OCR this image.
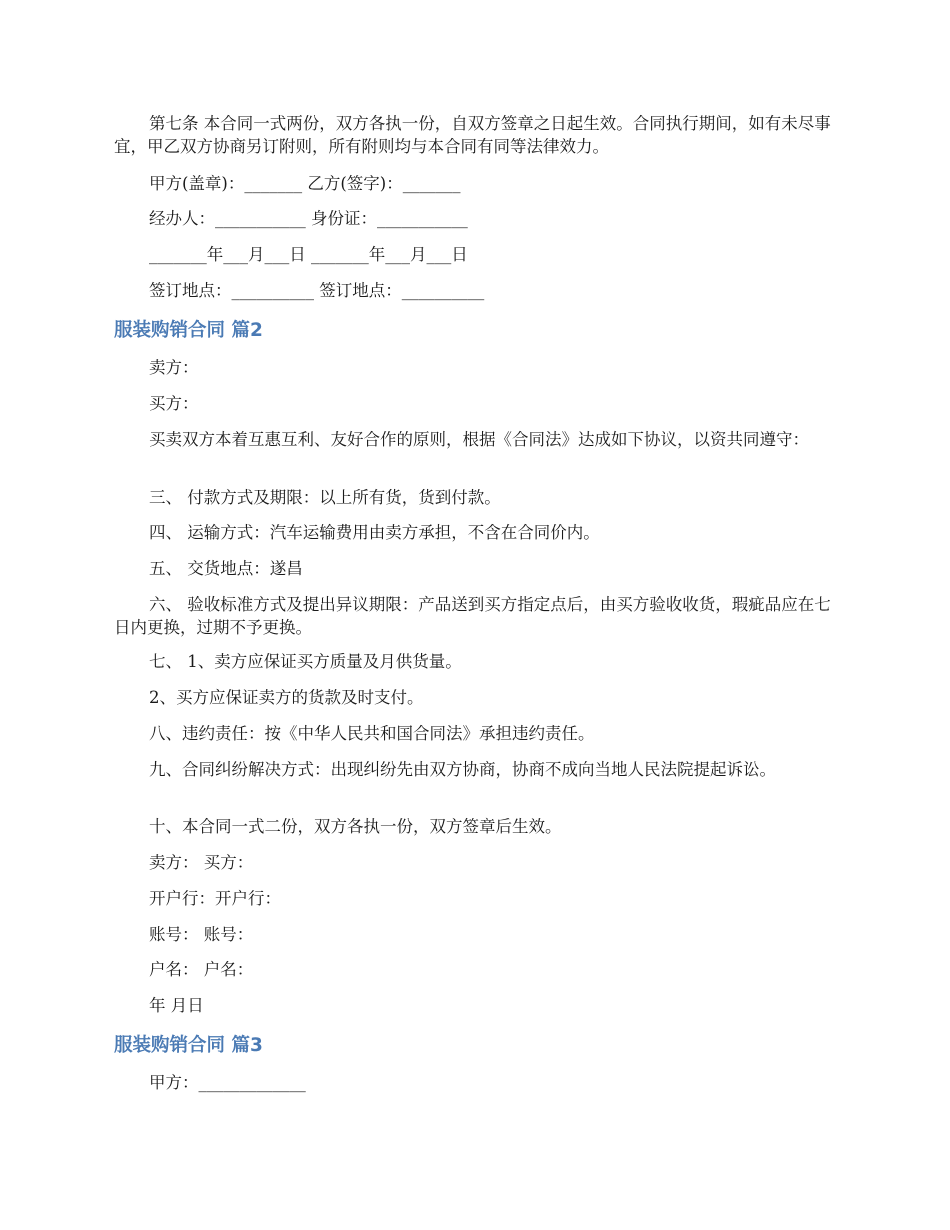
第七条 本合同一式两份，双方各执一份，自双方签章之日起生效。合同执行期间，如有未尽事宜，甲乙双方协商另订附则，所有附则均与本合同有同等法律效力。

甲方(盖章)：_______ 乙方(签字)：_______

经办人：___________ 身份证：___________

_______年___月___日 _______年___月___日

签订地点：__________ 签订地点：__________

服装购销合同 篇2

卖方：

买方：

买卖双方本着互惠互利、友好合作的原则，根据《合同法》达成如下协议，以资共同遵守：

三、 付款方式及期限：以上所有货，货到付款。

四、 运输方式：汽车运输费用由卖方承担，不含在合同价内。

五、 交货地点：遂昌

六、 验收标准方式及提出异议期限：产品送到买方指定点后，由买方验收收货，瑕疵品应在七日内更换，过期不予更换。

七、 1、卖方应保证买方质量及月供货量。

2、买方应保证卖方的货款及时支付。

八、违约责任：按《中华人民共和国合同法》承担违约责任。

九、合同纠纷解决方式：出现纠纷先由双方协商，协商不成向当地人民法院提起诉讼。

十、本合同一式二份，双方各执一份，双方签章后生效。

卖方： 买方：

开户行：开户行：

账号： 账号：

户名： 户名：

年 月日

服装购销合同 篇3

甲方：_____________
